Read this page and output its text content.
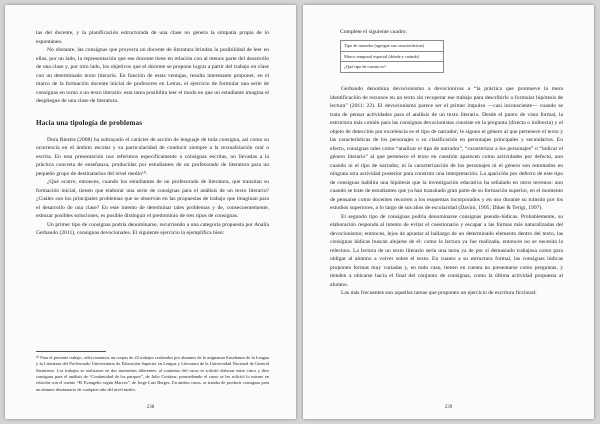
las del docente, y la planificación estructurada de una clase no genera la simpatía propia de lo espontáneo.

No obstante, las consignas que proyecta un docente de literatura brindan la posibilidad de leer en ellas, por un lado, la representación que ese docente tiene en relación con al menos parte del desarrollo de una clase y, por otro lado, los objetivos que el docente se propone lograr a partir del trabajo en clase con un determinado texto literario. En función de estas ventajas, resulta interesante proponer, en el marco de la formación docente inicial de profesores en Letras, el ejercicio de formular una serie de consignas en torno a un texto literario: esta tarea posibilita leer el modo en que un estudiante imagina el despliegue de una clase de literatura.

Hacia una tipología de problemas

Dora Riestra (2008) ha subrayado el carácter de acción de lenguaje de toda consigna, así como su ocurrencia en el ámbito escolar y su particularidad de conducir siempre a la textualización oral o escrita. En esta presentación nos referimos específicamente a consignas escritas, no llevadas a la práctica concreta de enseñanza, producidas por estudiantes de un profesorado de literatura para un pequeño grupo de destinatarios del nivel medio¹⁰.

¿Qué ocurre, entonces, cuando los estudiantes de un profesorado de literatura, que transitan su formación inicial, tienen que elaborar una serie de consignas para el análisis de un texto literario? ¿Cuáles son los principales problemas que se observan en las propuestas de trabajo que imaginan para el desarrollo de una clase? En este intento de determinar tales problemas y de, consecuentemente, esbozar posibles soluciones, es posible distinguir el predominio de tres tipos de consignas.

Un primer tipo de consignas podría denominarse, recurriendo a una categoría propuesta por Analía Gerbaudo (2011), consignas devocionales. El siguiente ejercicio la ejemplifica bien:

¹⁰ Para el presente trabajo, seleccionamos un corpus de 22 trabajos realizados por alumnos de la asignatura Enseñanza de la Lengua y la Literatura del Profesorado Universitario de Educación Superior en Lengua y Literatura de la Universidad Nacional de General Sarmiento. Los trabajos se realizaron en dos momentos diferentes: al comienzo del curso se solicitó elaborar entre cinco y diez consignas para el análisis de “Continuidad de los parques”, de Julio Cortázar; promediando el curso se les solicitó lo mismo en relación con el cuento “El Evangelio según Marcos”, de Jorge Luis Borges. En ambos casos, se trataba de producir consignas para un alumno destinatario de cualquier año del nivel medio.

238

Complete el siguiente cuadro:

Tipo de narrador (agregue sus características)
Marco temporal espacial (dónde y cuándo)
¿Qué tipo de cuento es?

Gerbaudo denomina devocionismo a devocionivas a “la práctica que promueve la mera identificación de recursos en un texto sin recuperar ese trabajo para describirlo o formular hipótesis de lectura” (2011: 22). El devocionismo parece ser el primer impulso —casi inconsciente— cuando se trata de pensar actividades para el análisis de un texto literario. Desde el punto de vista formal, la estructura más común para las consignas devocionistas consiste en la pregunta (directa o indirecta) y el objeto de detección por excelencia es el tipo de narrador; le siguen el género al que pertenece el texto y las características de los personajes o su clasificación en personajes principales y secundarios. En efecto, consignas tales como “analizar el tipo de narrador”, “caracterizar a los personajes” o “indicar el género literario” al que pertenece el texto en cuestión aparecen como actividades por defecto, aun cuando ni el tipo de narrador, ni la caracterización de los personajes ni el género son retomados en ninguna otra actividad posterior para construir una interpretación. La aparición por defecto de este tipo de consignas habilita una hipótesis que la investigación educativa ha señalado en otros terrenos: aun cuando se trate de estudiantes que ya han transitado gran parte de su formación superior, en el momento de pensarse como docentes recurren a los esquemas incorporados y en uso durante su tránsito por los estudios superiores, a lo largo de sus años de escolaridad (Davini, 1995; Diker & Terigi, 1997).

El segundo tipo de consignas podría denominarse consignas pseudo-lúdicas. Probablemente, su elaboración responda al intento de evitar el cuestionario y escapar a las formas más naturalizadas del devocionismo; entonces, lejos de apuntar al hallazgo de un determinado elemento dentro del texto, las consignas lúdicas buscan alejarse de él: como la lectura ya fue realizada, entonces no se necesita la relectura. La lectura de un texto literario sería una tarea ya de por sí demasiado trabajosa como para obligar al alumno a volver sobre el texto. En cuanto a su estructura formal, las consignas lúdicas proponen formas muy variadas y, en todo caso, tienen en cuenta no presentarse como preguntas, y tienden a ubicarse hacia el final del conjunto de consignas, como la última actividad propuesta al alumno.

Las más frecuentes son aquellas tareas que proponen un ejercicio de escritura ficcional:

239
